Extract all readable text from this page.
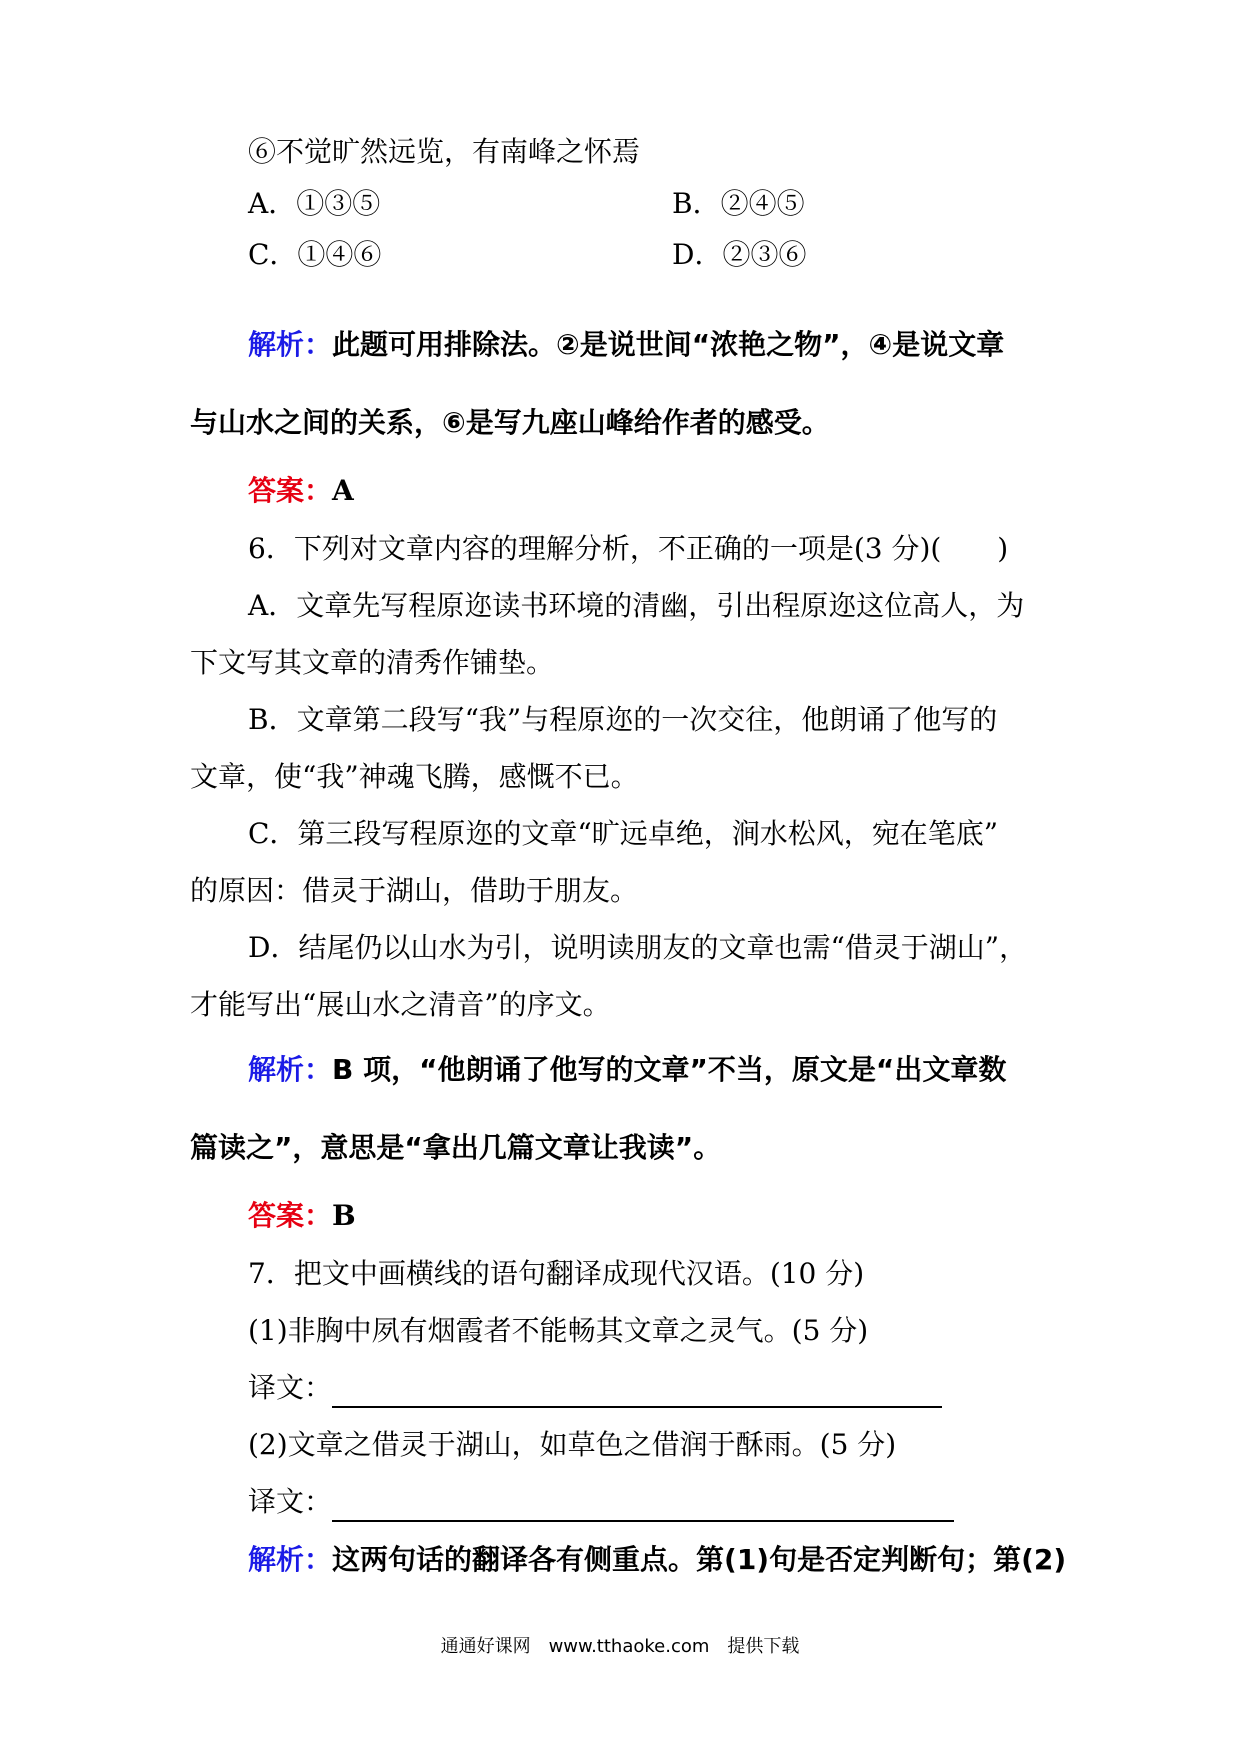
⑥不觉旷然远览，有南峰之怀焉
A．①③⑤	B．②④⑤
C．①④⑥	D．②③⑥
解析：此题可用排除法。②是说世间“浓艳之物”，④是说文章
与山水之间的关系，⑥是写九座山峰给作者的感受。
答案：A
6．下列对文章内容的理解分析，不正确的一项是(3 分)(　　)
A．文章先写程原迩读书环境的清幽，引出程原迩这位高人，为
下文写其文章的清秀作铺垫。
B．文章第二段写“我”与程原迩的一次交往，他朗诵了他写的
文章，使“我”神魂飞腾，感慨不已。
C．第三段写程原迩的文章“旷远卓绝，涧水松风，宛在笔底”
的原因：借灵于湖山，借助于朋友。
D．结尾仍以山水为引，说明读朋友的文章也需“借灵于湖山”，
才能写出“展山水之清音”的序文。
解析：B 项，“他朗诵了他写的文章”不当，原文是“出文章数
篇读之”，意思是“拿出几篇文章让我读”。
答案：B
7．把文中画横线的语句翻译成现代汉语。(10 分)
(1)非胸中夙有烟霞者不能畅其文章之灵气。(5 分)
译文：
(2)文章之借灵于湖山，如草色之借润于酥雨。(5 分)
译文：
解析：这两句话的翻译各有侧重点。第(1)句是否定判断句；第(2)
通通好课网　www.tthaoke.com　提供下载
